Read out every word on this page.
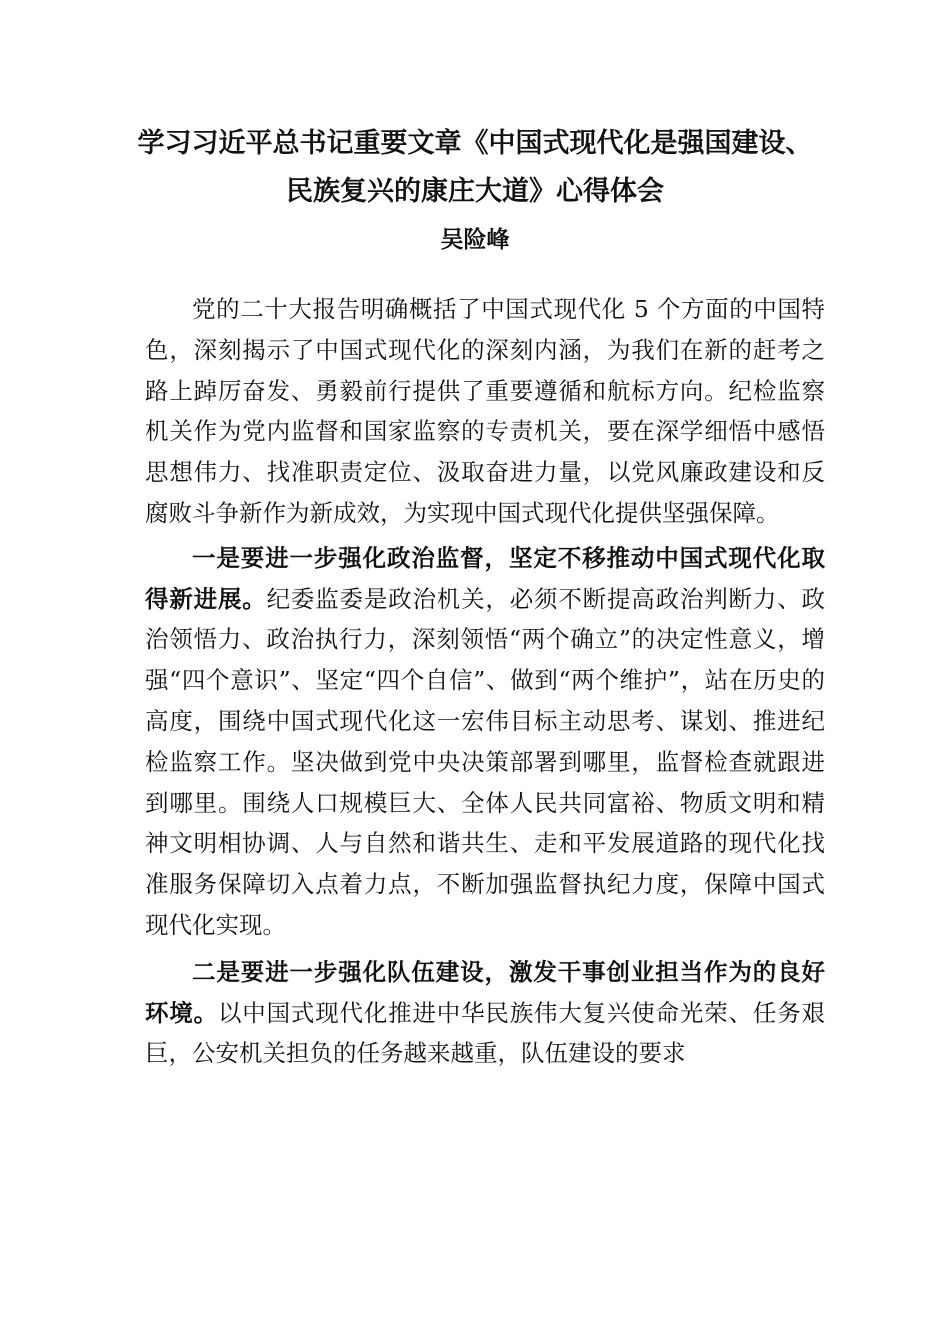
学习习近平总书记重要文章《中国式现代化是强国建设、民族复兴的康庄大道》心得体会

吴险峰

党的二十大报告明确概括了中国式现代化 5 个方面的中国特色，深刻揭示了中国式现代化的深刻内涵，为我们在新的赶考之路上踔厉奋发、勇毅前行提供了重要遵循和航标方向。纪检监察机关作为党内监督和国家监察的专责机关，要在深学细悟中感悟思想伟力、找准职责定位、汲取奋进力量，以党风廉政建设和反腐败斗争新作为新成效，为实现中国式现代化提供坚强保障。

一是要进一步强化政治监督，坚定不移推动中国式现代化取得新进展。纪委监委是政治机关，必须不断提高政治判断力、政治领悟力、政治执行力，深刻领悟“两个确立”的决定性意义，增强“四个意识”、坚定“四个自信”、做到“两个维护”，站在历史的高度，围绕中国式现代化这一宏伟目标主动思考、谋划、推进纪检监察工作。坚决做到党中央决策部署到哪里，监督检查就跟进到哪里。围绕人口规模巨大、全体人民共同富裕、物质文明和精神文明相协调、人与自然和谐共生、走和平发展道路的现代化找准服务保障切入点着力点，不断加强监督执纪力度，保障中国式现代化实现。

二是要进一步强化队伍建设，激发干事创业担当作为的良好环境。以中国式现代化推进中华民族伟大复兴使命光荣、任务艰巨，公安机关担负的任务越来越重，队伍建设的要求
